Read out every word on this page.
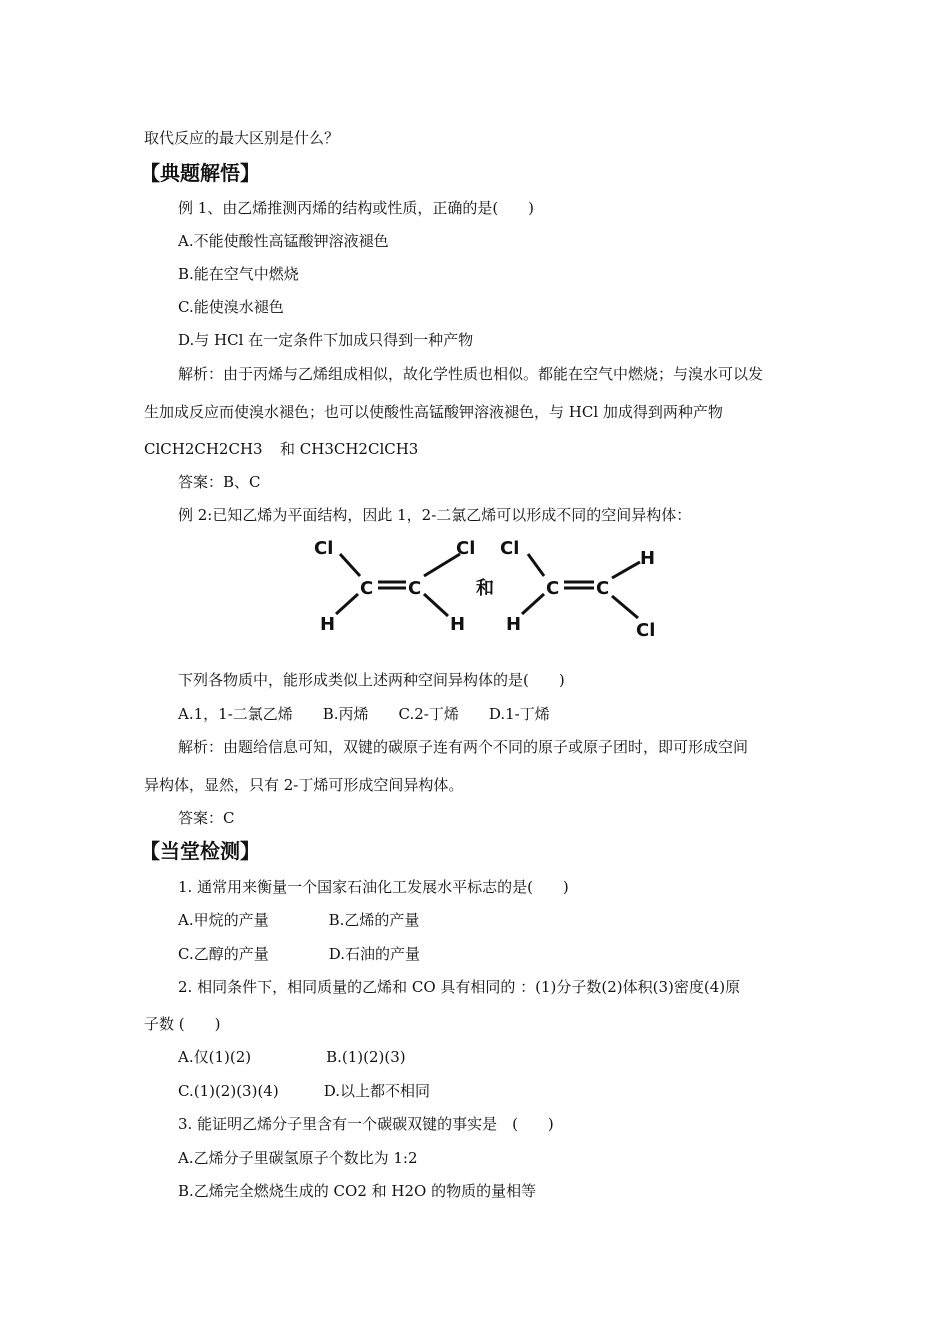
取代反应的最大区别是什么？
【典题解悟】
例 1、由乙烯推测丙烯的结构或性质，正确的是(　　)
A.不能使酸性高锰酸钾溶液褪色
B.能在空气中燃烧
C.能使溴水褪色
D.与 HCl 在一定条件下加成只得到一种产物
解析：由于丙烯与乙烯组成相似，故化学性质也相似。都能在空气中燃烧；与溴水可以发
生加成反应而使溴水褪色；也可以使酸性高锰酸钾溶液褪色，与 HCl 加成得到两种产物
ClCH2CH2CH3 和 CH3CH2ClCH3
答案：B、C
例 2:已知乙烯为平面结构，因此 1，2-二氯乙烯可以形成不同的空间异构体：
Cl	Cl
C C
H	H
和
Cl
C C
H
H
Cl
下列各物质中，能形成类似上述两种空间异构体的是(　　)
A.1，1-二氯乙烯　　B.丙烯　　C.2-丁烯　　D.1-丁烯
解析：由题给信息可知，双键的碳原子连有两个不同的原子或原子团时，即可形成空间
异构体，显然，只有 2-丁烯可形成空间异构体。
答案：C
【当堂检测】
1. 通常用来衡量一个国家石油化工发展水平标志的是(　　)
A.甲烷的产量　　　　B.乙烯的产量
C.乙醇的产量　　　　D.石油的产量
2. 相同条件下，相同质量的乙烯和 CO 具有相同的 ：(1)分子数(2)体积(3)密度(4)原
子数 (　　)
A.仅(1)(2)　　　　　B.(1)(2)(3)
C.(1)(2)(3)(4)　　　D.以上都不相同
3. 能证明乙烯分子里含有一个碳碳双键的事实是　(　　)
A.乙烯分子里碳氢原子个数比为 1:2
B.乙烯完全燃烧生成的 CO2 和 H2O 的物质的量相等
